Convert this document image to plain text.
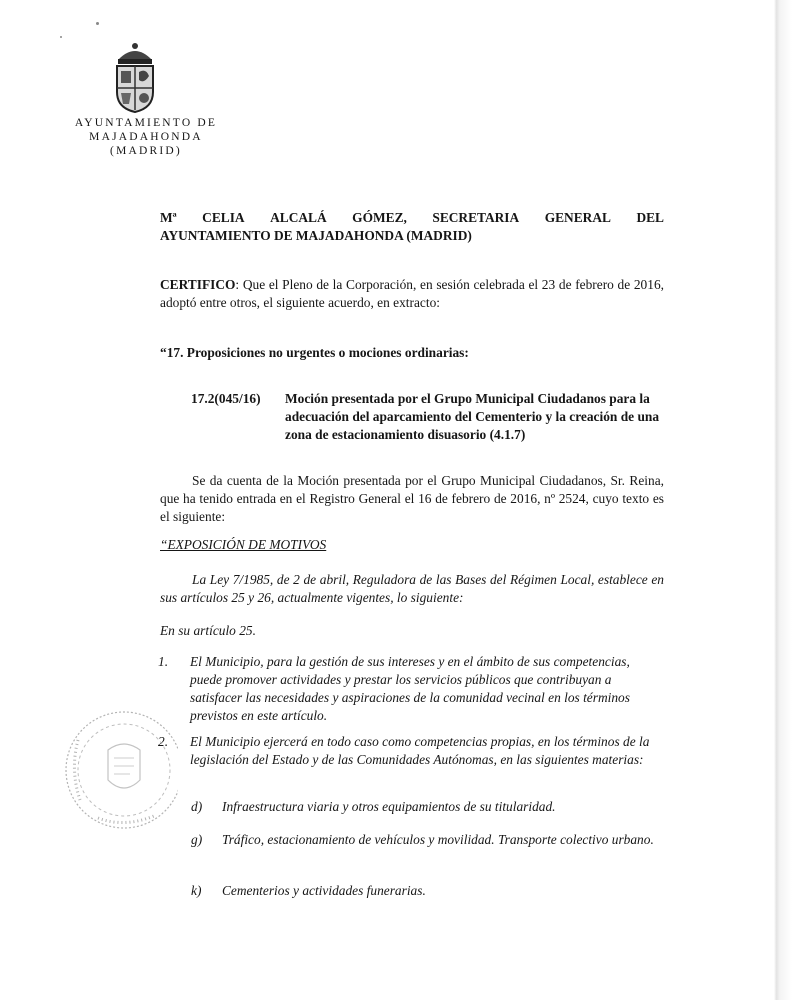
AYUNTAMIENTO DE
MAJADAHONDA
(MADRID)
Mª CELIA ALCALÁ GÓMEZ, SECRETARIA GENERAL DEL
AYUNTAMIENTO DE MAJADAHONDA (MADRID)
CERTIFICO: Que el Pleno de la Corporación, en sesión celebrada el 23 de febrero de 2016, adoptó entre otros, el siguiente acuerdo, en extracto:
“17. Proposiciones no urgentes o mociones ordinarias:
17.2(045/16) Moción presentada por el Grupo Municipal Ciudadanos para la adecuación del aparcamiento del Cementerio y la creación de una zona de estacionamiento disuasorio (4.1.7)
Se da cuenta de la Moción presentada por el Grupo Municipal Ciudadanos, Sr. Reina, que ha tenido entrada en el Registro General el 16 de febrero de 2016, nº 2524, cuyo texto es el siguiente:
“EXPOSICIÓN DE MOTIVOS
La Ley 7/1985, de 2 de abril, Reguladora de las Bases del Régimen Local, establece en sus artículos 25 y 26, actualmente vigentes, lo siguiente:
En su artículo 25.
1. El Municipio, para la gestión de sus intereses y en el ámbito de sus competencias, puede promover actividades y prestar los servicios públicos que contribuyan a satisfacer las necesidades y aspiraciones de la comunidad vecinal en los términos previstos en este artículo.
2. El Municipio ejercerá en todo caso como competencias propias, en los términos de la legislación del Estado y de las Comunidades Autónomas, en las siguientes materias:
d) Infraestructura viaria y otros equipamientos de su titularidad.
g) Tráfico, estacionamiento de vehículos y movilidad. Transporte colectivo urbano.
k) Cementerios y actividades funerarias.
